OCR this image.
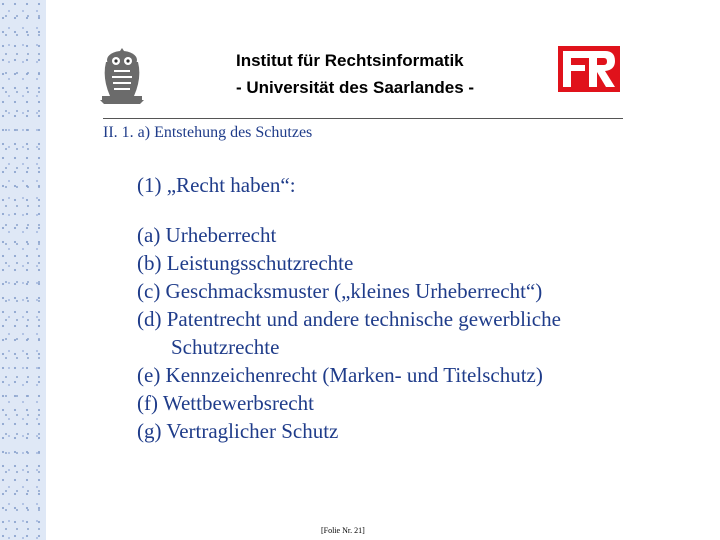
Institut für Rechtsinformatik
- Universität des Saarlandes -
II. 1. a) Entstehung des Schutzes
(1) „Recht haben“:
(a) Urheberrecht
(b) Leistungsschutzrechte
(c) Geschmacksmuster („kleines Urheberrecht“)
(d) Patentrecht und andere technische gewerbliche Schutzrechte
(e) Kennzeichenrecht (Marken- und Titelschutz)
(f) Wettbewerbsrecht
(g) Vertraglicher Schutz
[Folie Nr. 21]
